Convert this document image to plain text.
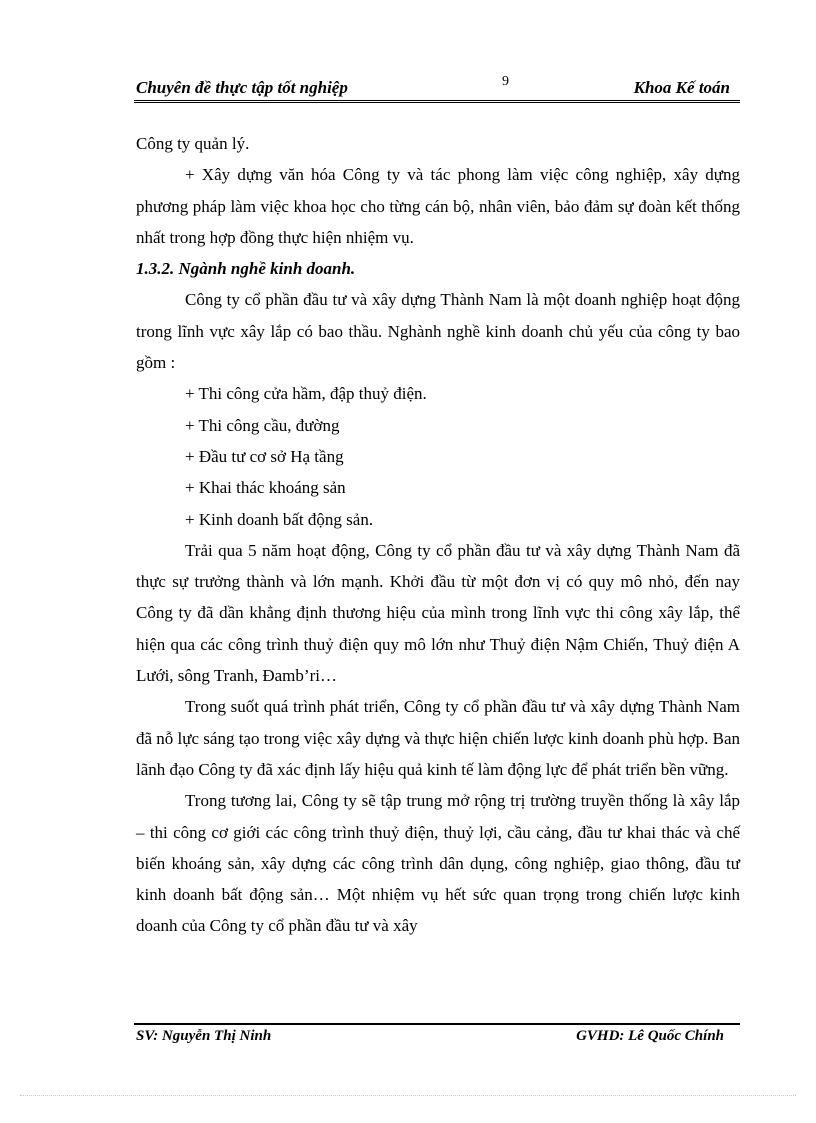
Chuyên đề thực tập tốt nghiệp	9	Khoa Kế toán

Công ty quản lý.

+ Xây dựng văn hóa Công ty và tác phong làm việc công nghiệp, xây dựng phương pháp làm việc khoa học cho từng cán bộ, nhân viên, bảo đảm sự đoàn kết thống nhất trong hợp đồng thực hiện nhiệm vụ.

1.3.2. Ngành nghề kinh doanh.

Công ty cổ phần đầu tư và xây dựng Thành Nam là một doanh nghiệp hoạt động trong lĩnh vực xây lắp có bao thầu. Nghành nghề kinh doanh chủ yếu của công ty bao gồm :

+ Thi công cửa hầm, đập thuỷ điện.

+ Thi công cầu, đường

+ Đầu tư cơ sở Hạ tầng

+ Khai thác khoáng sản

+ Kinh doanh bất động sản.

Trải qua 5 năm hoạt động, Công ty cổ phần đầu tư và xây dựng Thành Nam đã thực sự trưởng thành và lớn mạnh. Khởi đầu từ một đơn vị có quy mô nhỏ, đến nay Công ty đã dần khẳng định thương hiệu của mình trong lĩnh vực thi công xây lắp, thể hiện qua các công trình thuỷ điện quy mô lớn như Thuỷ điện Nậm Chiến, Thuỷ điện A Lưới, sông Tranh, Đamb’ri…

Trong suốt quá trình phát triển, Công ty cổ phần đầu tư và xây dựng Thành Nam đã nỗ lực sáng tạo trong việc xây dựng và thực hiện chiến lược kinh doanh phù hợp. Ban lãnh đạo Công ty đã xác định lấy hiệu quả kinh tế làm động lực để phát triển bền vững.

Trong tương lai, Công ty sẽ tập trung mở rộng trị trường truyền thống là xây lắp – thi công cơ giới các công trình thuỷ điện, thuỷ lợi, cầu cảng, đầu tư khai thác và chế biến khoáng sản, xây dựng các công trình dân dụng, công nghiệp, giao thông, đầu tư kinh doanh bất động sản… Một nhiệm vụ hết sức quan trọng trong chiến lược kinh doanh của Công ty cổ phần đầu tư và xây

SV: Nguyễn Thị Ninh	GVHD: Lê Quốc Chính
